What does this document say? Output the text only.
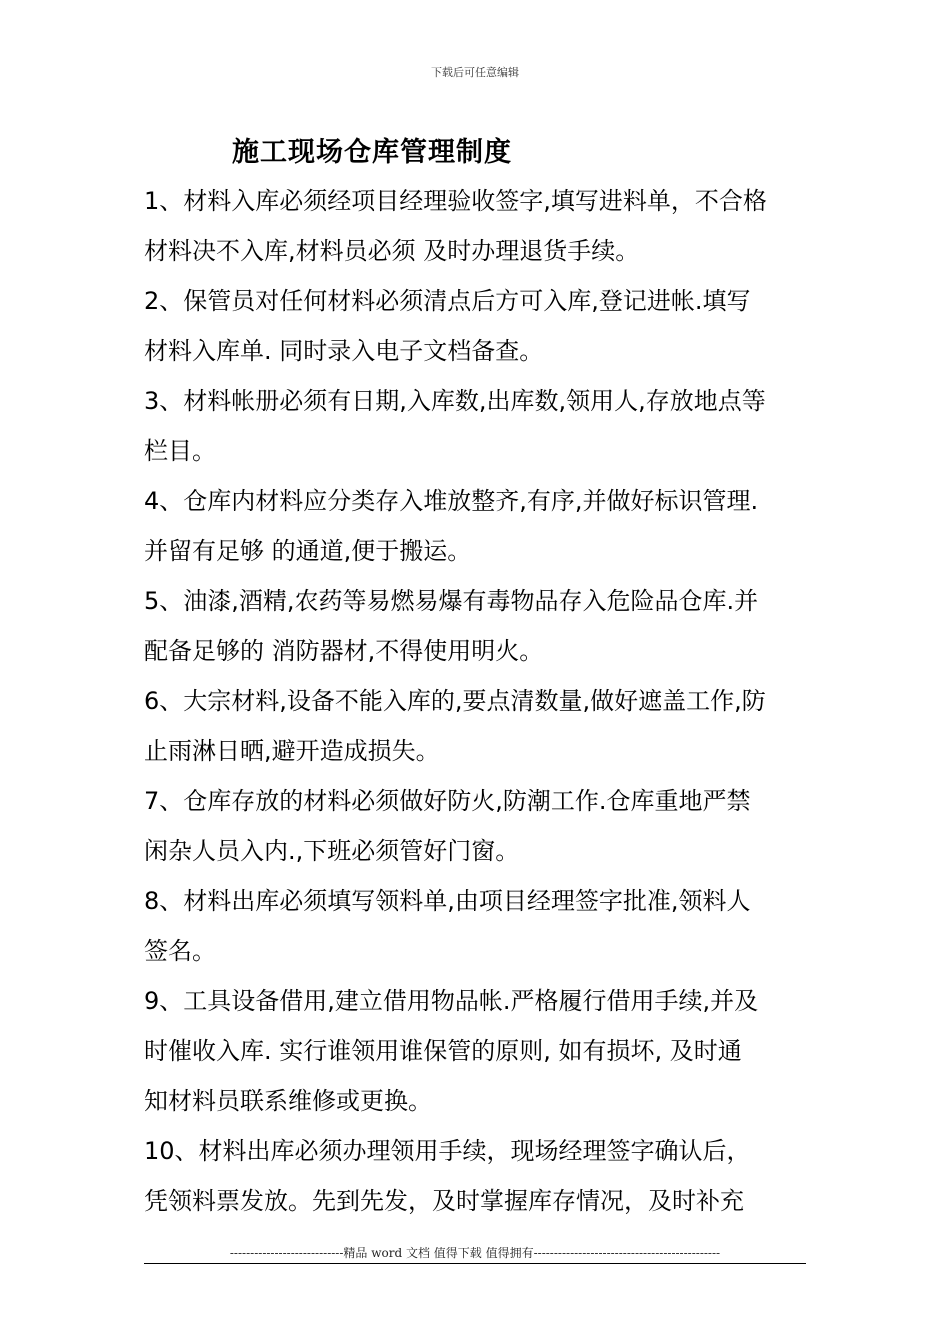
下载后可任意编辑
施工现场仓库管理制度
1、材料入库必须经项目经理验收签字,填写进料单，不合格
材料决不入库,材料员必须 及时办理退货手续。
2、保管员对任何材料必须清点后方可入库,登记进帐.填写
材料入库单. 同时录入电子文档备查。
3、材料帐册必须有日期,入库数,出库数,领用人,存放地点等
栏目。
4、仓库内材料应分类存入堆放整齐,有序,并做好标识管理.
并留有足够 的通道,便于搬运。
5、油漆,酒精,农药等易燃易爆有毒物品存入危险品仓库.并
配备足够的 消防器材,不得使用明火。
6、大宗材料,设备不能入库的,要点清数量,做好遮盖工作,防
止雨淋日晒,避开造成损失。
7、仓库存放的材料必须做好防火,防潮工作.仓库重地严禁
闲杂人员入内.,下班必须管好门窗。
8、材料出库必须填写领料单,由项目经理签字批准,领料人
签名。
9、工具设备借用,建立借用物品帐.严格履行借用手续,并及
时催收入库. 实行谁领用谁保管的原则, 如有损坏, 及时通
知材料员联系维修或更换。
10、材料出库必须办理领用手续，现场经理签字确认后，
凭领料票发放。先到先发，及时掌握库存情况，及时补充
----------------------------精品 word 文档 值得下载 值得拥有----------------------------------------------
